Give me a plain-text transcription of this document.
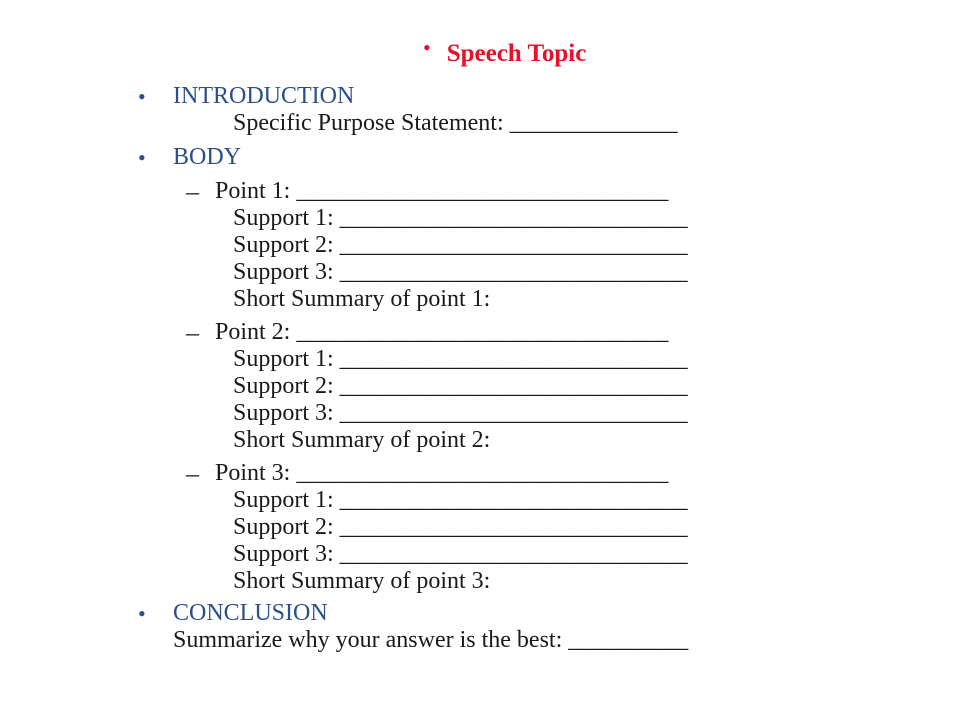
• Speech Topic
• INTRODUCTION
Specific Purpose Statement: ______________
• BODY
– Point 1: _______________________________
Support 1: _____________________________
Support 2: _____________________________
Support 3: _____________________________
Short Summary of point 1:
– Point 2: _______________________________
Support 1: _____________________________
Support 2: _____________________________
Support 3: _____________________________
Short Summary of point 2:
– Point 3: _______________________________
Support 1: _____________________________
Support 2: _____________________________
Support 3: _____________________________
Short Summary of point 3:
• CONCLUSION
Summarize why your answer is the best: __________
